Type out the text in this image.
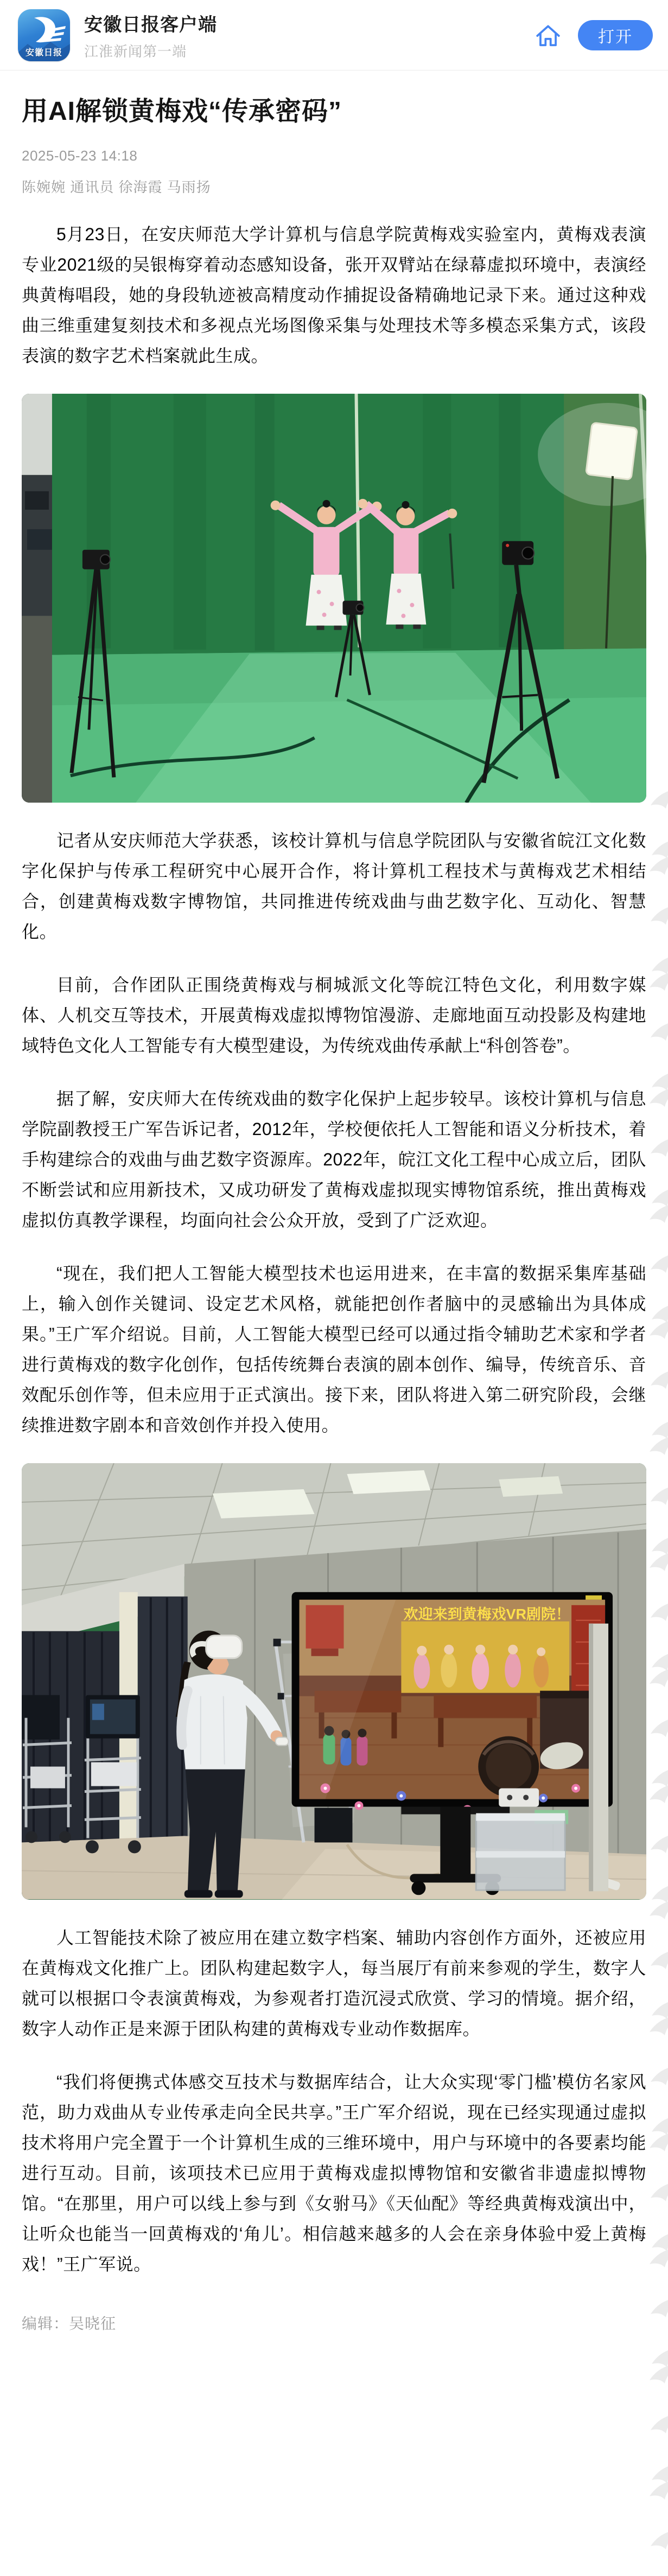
安徽日报
安徽日报客户端
江淮新闻第一端
打开
用AI解锁黄梅戏“传承密码”
2025-05-23 14:18
陈婉婉 通讯员 徐海霞 马雨扬

5月23日，在安庆师范大学计算机与信息学院黄梅戏实验室内，黄梅戏表演专业2021级的吴银梅穿着动态感知设备，张开双臂站在绿幕虚拟环境中，表演经典黄梅唱段，她的身段轨迹被高精度动作捕捉设备精确地记录下来。通过这种戏曲三维重建复刻技术和多视点光场图像采集与处理技术等多模态采集方式，该段表演的数字艺术档案就此生成。

记者从安庆师范大学获悉，该校计算机与信息学院团队与安徽省皖江文化数字化保护与传承工程研究中心展开合作，将计算机工程技术与黄梅戏艺术相结合，创建黄梅戏数字博物馆，共同推进传统戏曲与曲艺数字化、互动化、智慧化。

目前，合作团队正围绕黄梅戏与桐城派文化等皖江特色文化，利用数字媒体、人机交互等技术，开展黄梅戏虚拟博物馆漫游、走廊地面互动投影及构建地域特色文化人工智能专有大模型建设，为传统戏曲传承献上“科创答卷”。

据了解，安庆师大在传统戏曲的数字化保护上起步较早。该校计算机与信息学院副教授王广军告诉记者，2012年，学校便依托人工智能和语义分析技术，着手构建综合的戏曲与曲艺数字资源库。2022年，皖江文化工程中心成立后，团队不断尝试和应用新技术，又成功研发了黄梅戏虚拟现实博物馆系统，推出黄梅戏虚拟仿真教学课程，均面向社会公众开放，受到了广泛欢迎。

“现在，我们把人工智能大模型技术也运用进来，在丰富的数据采集库基础上，输入创作关键词、设定艺术风格，就能把创作者脑中的灵感输出为具体成果。”王广军介绍说。目前，人工智能大模型已经可以通过指令辅助艺术家和学者进行黄梅戏的数字化创作，包括传统舞台表演的剧本创作、编导，传统音乐、音效配乐创作等，但未应用于正式演出。接下来，团队将进入第二研究阶段，会继续推进数字剧本和音效创作并投入使用。

欢迎来到黄梅戏VR剧院！

人工智能技术除了被应用在建立数字档案、辅助内容创作方面外，还被应用在黄梅戏文化推广上。团队构建起数字人，每当展厅有前来参观的学生，数字人就可以根据口令表演黄梅戏，为参观者打造沉浸式欣赏、学习的情境。据介绍，数字人动作正是来源于团队构建的黄梅戏专业动作数据库。

“我们将便携式体感交互技术与数据库结合，让大众实现‘零门槛’模仿名家风范，助力戏曲从专业传承走向全民共享。”王广军介绍说，现在已经实现通过虚拟技术将用户完全置于一个计算机生成的三维环境中，用户与环境中的各要素均能进行互动。目前，该项技术已应用于黄梅戏虚拟博物馆和安徽省非遗虚拟博物馆。“在那里，用户可以线上参与到《女驸马》《天仙配》等经典黄梅戏演出中，让听众也能当一回黄梅戏的‘角儿’。相信越来越多的人会在亲身体验中爱上黄梅戏！”王广军说。

编辑：吴晓征
